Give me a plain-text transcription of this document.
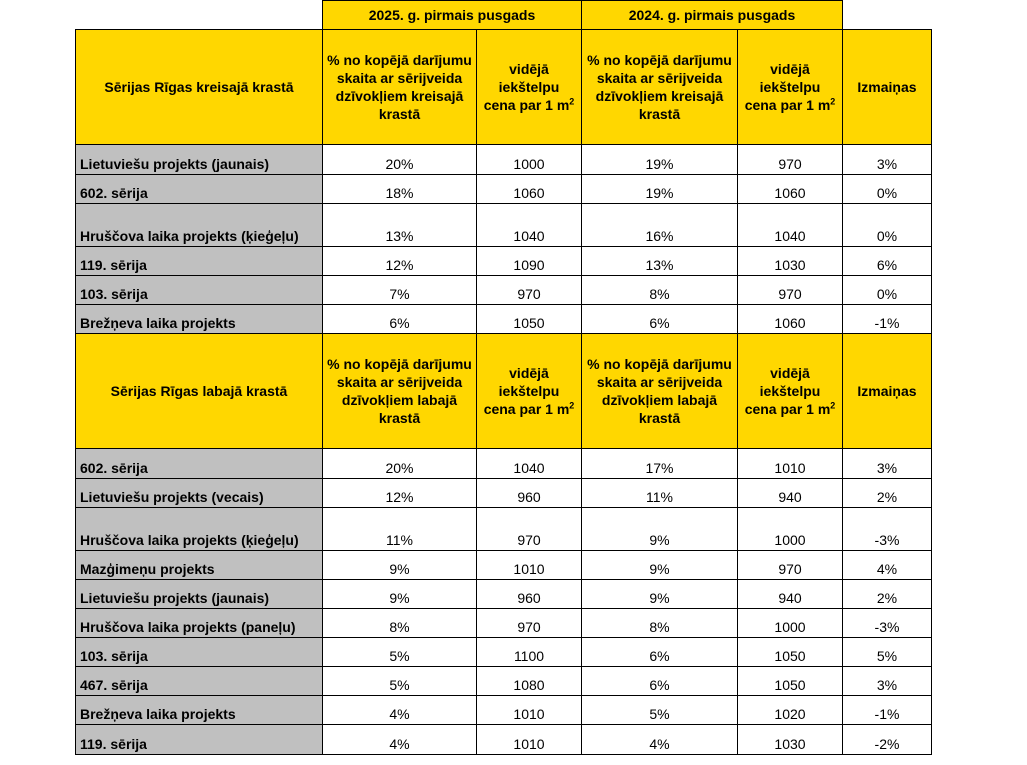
	2025. g. pirmais pusgads		2024. g. pirmais pusgads		
Sērijas Rīgas kreisajā krastā	% no kopējā darījumu skaita ar sērijveida dzīvokļiem kreisajā krastā	vidējā iekštelpu cena par 1 $m^2$	% no kopējā darījumu skaita ar sērijveida dzīvokļiem kreisajā krastā	vidējā iekštelpu cena par 1 $m^2$	Izmaiņas
Lietuviešu projekts (jaunais)	20%	1000	19%	970	3%
602. sērija	18%	1060	19%	1060	0%
Hruščova laika projekts (ķieģeļu)	13%	1040	16%	1040	0%
119. sērija	12%	1090	13%	1030	6%
103. sērija	7%	970	8%	970	0%
Brežņeva laika projekts	6%	1050	6%	1060	-1%
Sērijas Rīgas labajā krastā	% no kopējā darījumu skaita ar sērijveida dzīvokļiem labajā krastā	vidējā iekštelpu cena par 1 $m^2$	% no kopējā darījumu skaita ar sērijveida dzīvokļiem labajā krastā	vidējā iekštelpu cena par 1 $m^2$	Izmaiņas
602. sērija	20%	1040	17%	1010	3%
Lietuviešu projekts (vecais)	12%	960	11%	940	2%
Hruščova laika projekts (ķieģeļu)	11%	970	9%	1000	-3%
Mazģimeņu projekts	9%	1010	9%	970	4%
Lietuviešu projekts (jaunais)	9%	960	9%	940	2%
Hruščova laika projekts (paneļu)	8%	970	8%	1000	-3%
103. sērija	5%	1100	6%	1050	5%
467. sērija	5%	1080	6%	1050	3%
Brežņeva laika projekts	4%	1010	5%	1020	-1%
119. sērija	4%	1010	4%	1030	-2%
